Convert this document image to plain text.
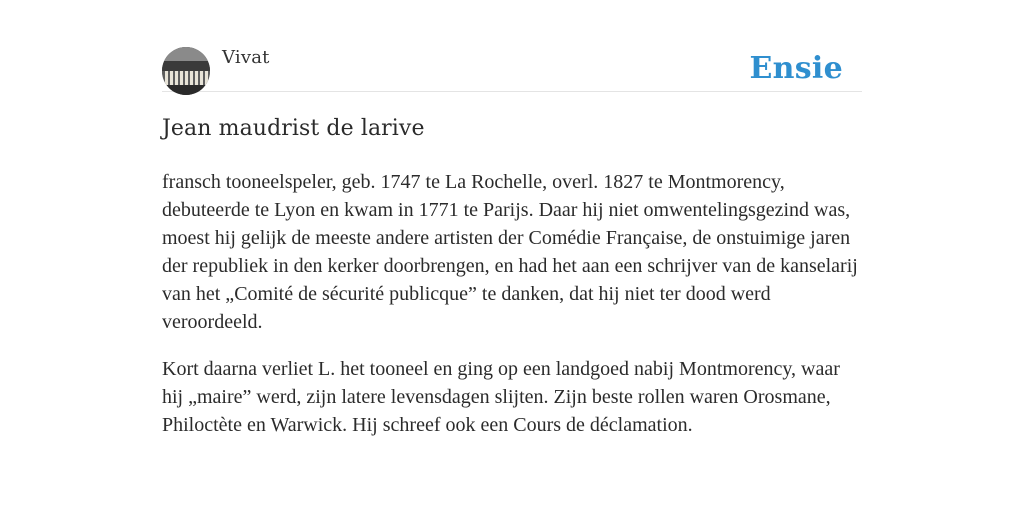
Vivat	Ensie
Jean maudrist de larive

fransch tooneelspeler, geb. 1747 te La Rochelle, overl. 1827 te Montmorency, debuteerde te Lyon en kwam in 1771 te Parijs. Daar hij niet omwentelingsgezind was, moest hij gelijk de meeste andere artisten der Comédie Française, de onstuimige jaren der republiek in den kerker doorbrengen, en had het aan een schrijver van de kanselarij van het „Comité de sécurité publicque” te danken, dat hij niet ter dood werd veroordeeld.

Kort daarna verliet L. het tooneel en ging op een landgoed nabij Montmorency, waar hij „maire” werd, zijn latere levensdagen slijten. Zijn beste rollen waren Orosmane, Philoctète en Warwick. Hij schreef ook een Cours de déclamation.
